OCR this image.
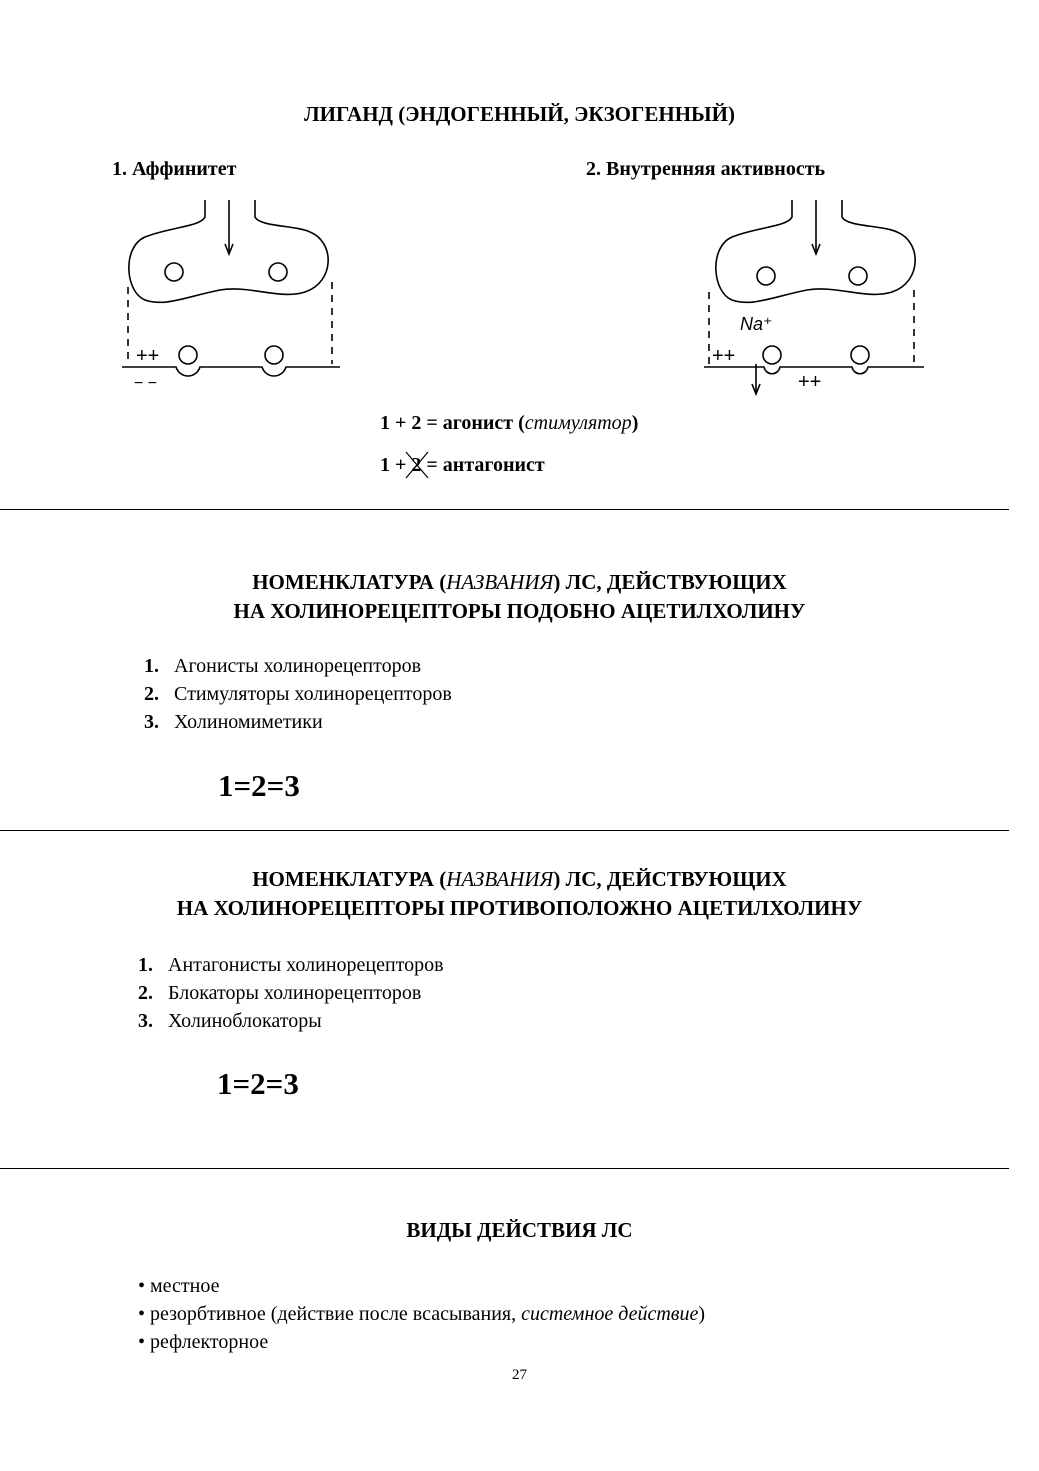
ЛИГАНД (ЭНДОГЕННЫЙ, ЭКЗОГЕННЫЙ)
1. Аффинитет	2. Внутренняя активность
++
− −
Na⁺
++
++
1 + 2 = агонист (стимулятор)
1 + 2
= антагонист
НОМЕНКЛАТУРА (НАЗВАНИЯ) ЛС, ДЕЙСТВУЮЩИХ
НА ХОЛИНОРЕЦЕПТОРЫ ПОДОБНО АЦЕТИЛХОЛИНУ
1. Агонисты холинорецепторов
2. Стимуляторы холинорецепторов
3. Холиномиметики
1=2=3
НОМЕНКЛАТУРА (НАЗВАНИЯ) ЛС, ДЕЙСТВУЮЩИХ
НА ХОЛИНОРЕЦЕПТОРЫ ПРОТИВОПОЛОЖНО АЦЕТИЛХОЛИНУ
1. Антагонисты холинорецепторов
2. Блокаторы холинорецепторов
3. Холиноблокаторы
1=2=3
ВИДЫ ДЕЙСТВИЯ ЛС
• местное
• резорбтивное (действие после всасывания, системное действие)
• рефлекторное
27
